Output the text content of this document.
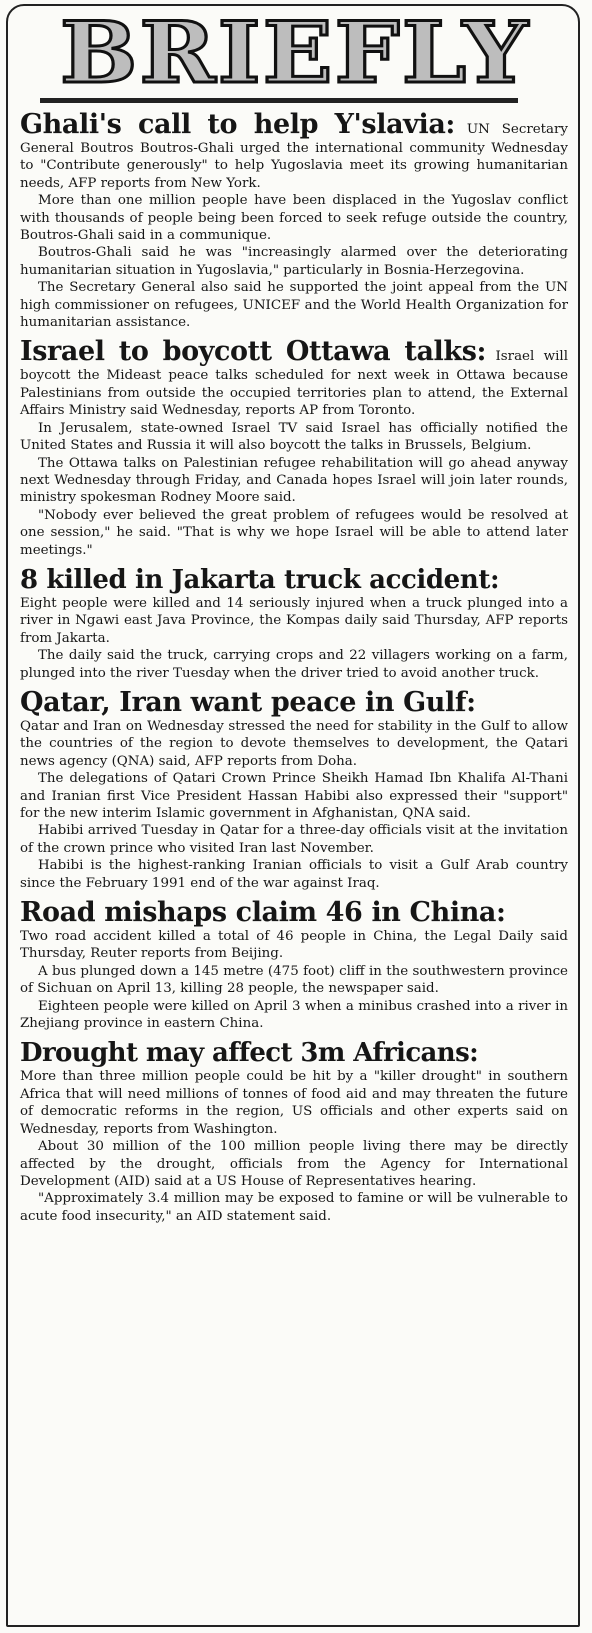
BRIEFLY

Ghali's call to help Y'slavia: UN Secretary General Boutros Boutros-Ghali urged the international community Wednesday to "Contribute generously" to help Yugoslavia meet its growing humanitarian needs, AFP reports from New York.

More than one million people have been displaced in the Yugoslav conflict with thousands of people being been forced to seek refuge outside the country, Boutros-Ghali said in a communique.

Boutros-Ghali said he was "increasingly alarmed over the deteriorating humanitarian situation in Yugoslavia," particularly in Bosnia-Herzegovina.

The Secretary General also said he supported the joint appeal from the UN high commissioner on refugees, UNICEF and the World Health Organization for humanitarian assistance.

Israel to boycott Ottawa talks: Israel will boycott the Mideast peace talks scheduled for next week in Ottawa because Palestinians from outside the occupied territories plan to attend, the External Affairs Ministry said Wednesday, reports AP from Toronto.

In Jerusalem, state-owned Israel TV said Israel has officially notified the United States and Russia it will also boycott the talks in Brussels, Belgium.

The Ottawa talks on Palestinian refugee rehabilitation will go ahead anyway next Wednesday through Friday, and Canada hopes Israel will join later rounds, ministry spokesman Rodney Moore said.

"Nobody ever believed the great problem of refugees would be resolved at one session," he said. "That is why we hope Israel will be able to attend later meetings."

8 killed in Jakarta truck accident:

Eight people were killed and 14 seriously injured when a truck plunged into a river in Ngawi east Java Province, the Kompas daily said Thursday, AFP reports from Jakarta.

The daily said the truck, carrying crops and 22 villagers working on a farm, plunged into the river Tuesday when the driver tried to avoid another truck.

Qatar, Iran want peace in Gulf:

Qatar and Iran on Wednesday stressed the need for stability in the Gulf to allow the countries of the region to devote themselves to development, the Qatari news agency (QNA) said, AFP reports from Doha.

The delegations of Qatari Crown Prince Sheikh Hamad Ibn Khalifa Al-Thani and Iranian first Vice President Hassan Habibi also expressed their "support" for the new interim Islamic government in Afghanistan, QNA said.

Habibi arrived Tuesday in Qatar for a three-day officials visit at the invitation of the crown prince who visited Iran last November.

Habibi is the highest-ranking Iranian officials to visit a Gulf Arab country since the February 1991 end of the war against Iraq.

Road mishaps claim 46 in China:

Two road accident killed a total of 46 people in China, the Legal Daily said Thursday, Reuter reports from Beijing.

A bus plunged down a 145 metre (475 foot) cliff in the southwestern province of Sichuan on April 13, killing 28 people, the newspaper said.

Eighteen people were killed on April 3 when a minibus crashed into a river in Zhejiang province in eastern China.

Drought may affect 3m Africans:

More than three million people could be hit by a "killer drought" in southern Africa that will need millions of tonnes of food aid and may threaten the future of democratic reforms in the region, US officials and other experts said on Wednesday, reports from Washington.

About 30 million of the 100 million people living there may be directly affected by the drought, officials from the Agency for International Development (AID) said at a US House of Representatives hearing.

"Approximately 3.4 million may be exposed to famine or will be vulnerable to acute food insecurity," an AID statement said.
